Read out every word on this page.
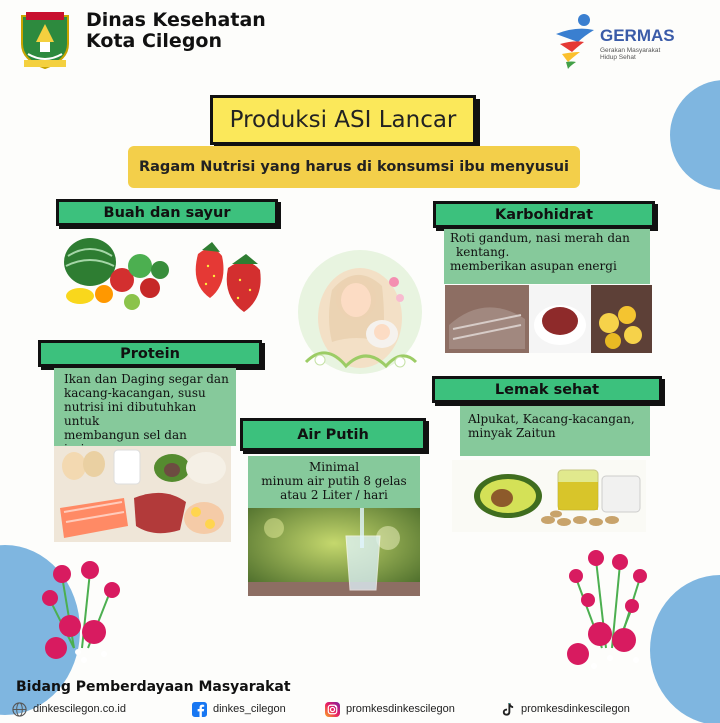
Dinas Kesehatan
Kota Cilegon	GERMAS
Gerakan Masyarakat
Hidup Sehat
Produksi ASI Lancar
Ragam Nutrisi yang harus di konsumsi ibu menyusui
Buah dan sayur	Karbohidrat

Roti gandum, nasi merah dan

kentang.

memberikan asupan energi

Protein

Ikan dan Daging segar dan

kacang-kacangan, susu

nutrisi ini dibutuhkan untuk

membangun sel dan	Air Putih

Minimal

minum air putih 8 gelas

atau 2 Liter / hari

Lemak sehat

Alpukat, Kacang-kacangan,

minyak Zaitun

Bidang Pemberdayaan Masyarakat
dinkescilegon.co.id	dinkes_cilegon	promkesdinkescilegon	promkesdinkescilegon
